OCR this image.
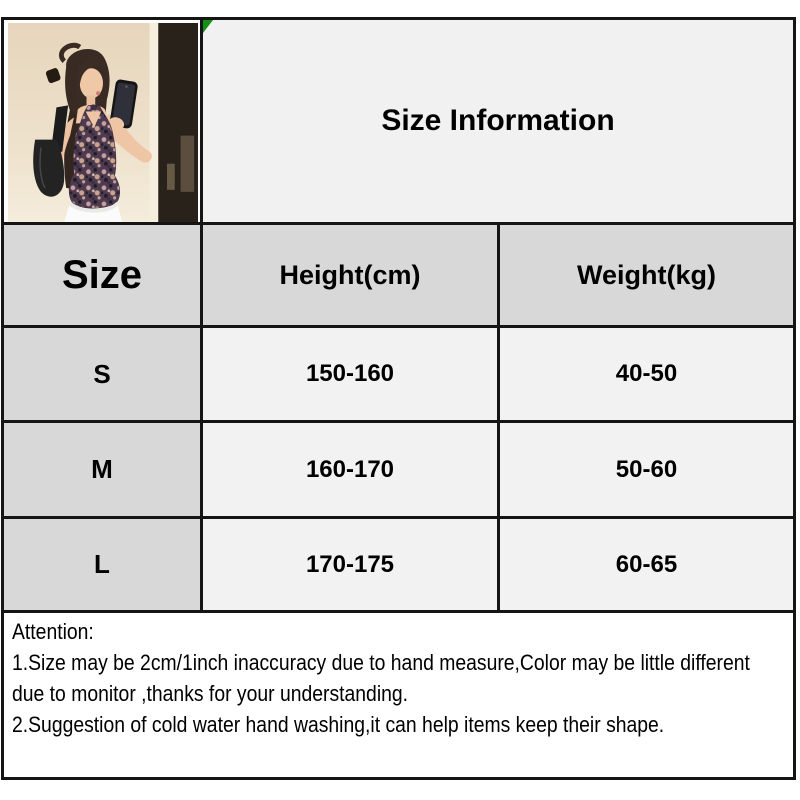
Size Information
Size	Height(cm)	Weight(kg)
S	150-160	40-50
M	160-170	50-60
L	170-175	60-65
Attention:
1.Size may be 2cm/1inch inaccuracy due to hand measure,Color may be little different due to monitor ,thanks for your understanding.
2.Suggestion of cold water hand washing,it can help items keep their shape.
